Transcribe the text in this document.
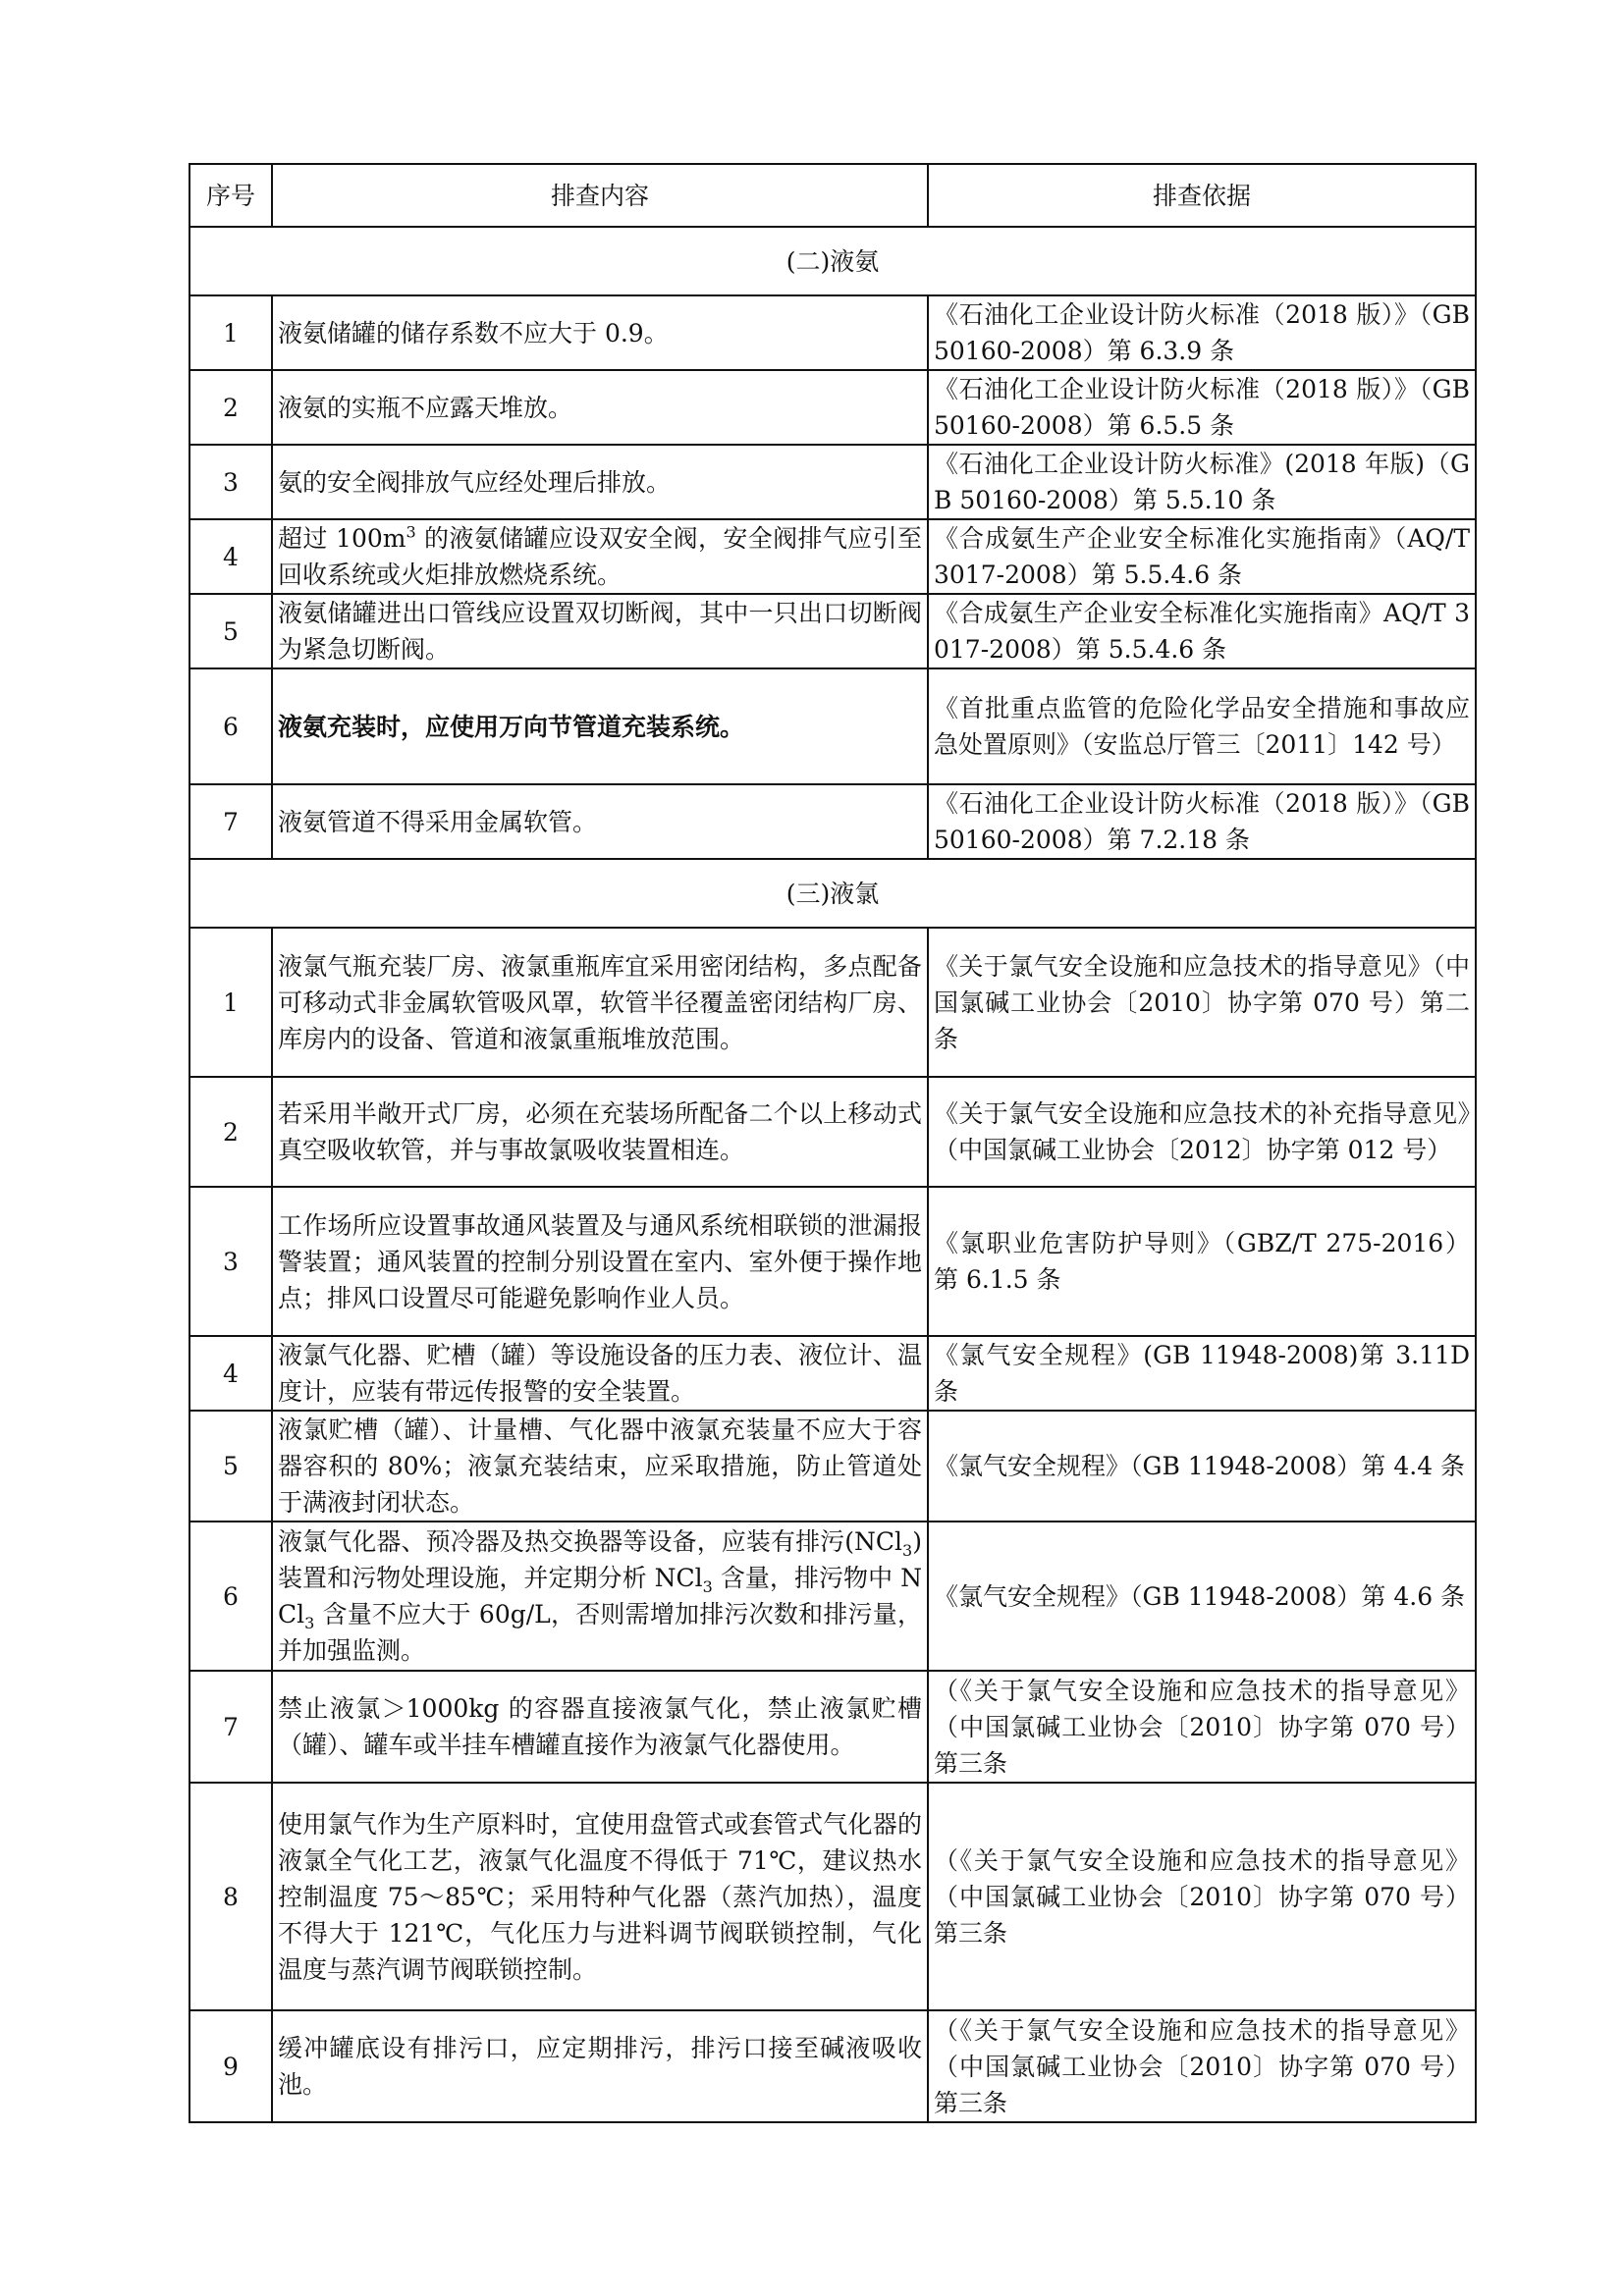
序号	排查内容	排查依据
(二)液氨		
1	液氨储罐的储存系数不应大于 0.9。	《石油化工企业设计防火标准（2018 版）》（GB 50160-2008）第 6.3.9 条
2	液氨的实瓶不应露天堆放。	《石油化工企业设计防火标准（2018 版）》（GB 50160-2008）第 6.5.5 条
3	氨的安全阀排放气应经处理后排放。	《石油化工企业设计防火标准》(2018 年版)（GB 50160-2008）第 5.5.10 条
4	超过 $100m^3$ 的液氨储罐应设双安全阀，安全阀排气应引至回收系统或火炬排放燃烧系统。	《合成氨生产企业安全标准化实施指南》（AQ/T 3017-2008）第 5.5.4.6 条
5	液氨储罐进出口管线应设置双切断阀，其中一只出口切断阀为紧急切断阀。	《合成氨生产企业安全标准化实施指南》AQ/T 3017-2008）第 5.5.4.6 条
6	液氨充装时，应使用万向节管道充装系统。	《首批重点监管的危险化学品安全措施和事故应急处置原则》（安监总厅管三〔2011〕142 号）
7	液氨管道不得采用金属软管。	《石油化工企业设计防火标准（2018 版）》（GB 50160-2008）第 7.2.18 条
(三)液氯		
1	液氯气瓶充装厂房、液氯重瓶库宜采用密闭结构，多点配备可移动式非金属软管吸风罩，软管半径覆盖密闭结构厂房、库房内的设备、管道和液氯重瓶堆放范围。	《关于氯气安全设施和应急技术的指导意见》（中国氯碱工业协会〔2010〕协字第 070 号）第二条
2	若采用半敞开式厂房，必须在充装场所配备二个以上移动式真空吸收软管，并与事故氯吸收装置相连。	《关于氯气安全设施和应急技术的补充指导意见》（中国氯碱工业协会〔2012〕协字第 012 号）
3	工作场所应设置事故通风装置及与通风系统相联锁的泄漏报警装置；通风装置的控制分别设置在室内、室外便于操作地点；排风口设置尽可能避免影响作业人员。	《氯职业危害防护导则》（GBZ/T 275-2016）第 6.1.5 条
4	液氯气化器、贮槽（罐）等设施设备的压力表、液位计、温度计，应装有带远传报警的安全装置。	《氯气安全规程》(GB 11948-2008)第 3.11D 条
5	液氯贮槽（罐）、计量槽、气化器中液氯充装量不应大于容器容积的 80%；液氯充装结束，应采取措施，防止管道处于满液封闭状态。	《氯气安全规程》（GB 11948-2008）第 4.4 条
6	液氯气化器、预冷器及热交换器等设备，应装有排污(NCl$_3$)装置和污物处理设施，并定期分析 NCl$_3$ 含量，排污物中 NCl$_3$ 含量不应大于 60g/L，否则需增加排污次数和排污量，并加强监测。	《氯气安全规程》（GB 11948-2008）第 4.6 条
7	禁止液氯＞1000kg 的容器直接液氯气化，禁止液氯贮槽（罐）、罐车或半挂车槽罐直接作为液氯气化器使用。	（《关于氯气安全设施和应急技术的指导意见》（中国氯碱工业协会〔2010〕协字第 070 号）第三条
8	使用氯气作为生产原料时，宜使用盘管式或套管式气化器的液氯全气化工艺，液氯气化温度不得低于 71℃，建议热水控制温度 75～85℃；采用特种气化器（蒸汽加热），温度不得大于 121℃，气化压力与进料调节阀联锁控制，气化温度与蒸汽调节阀联锁控制。	（《关于氯气安全设施和应急技术的指导意见》（中国氯碱工业协会〔2010〕协字第 070 号）第三条
9	缓冲罐底设有排污口，应定期排污，排污口接至碱液吸收池。	（《关于氯气安全设施和应急技术的指导意见》（中国氯碱工业协会〔2010〕协字第 070 号）第三条
